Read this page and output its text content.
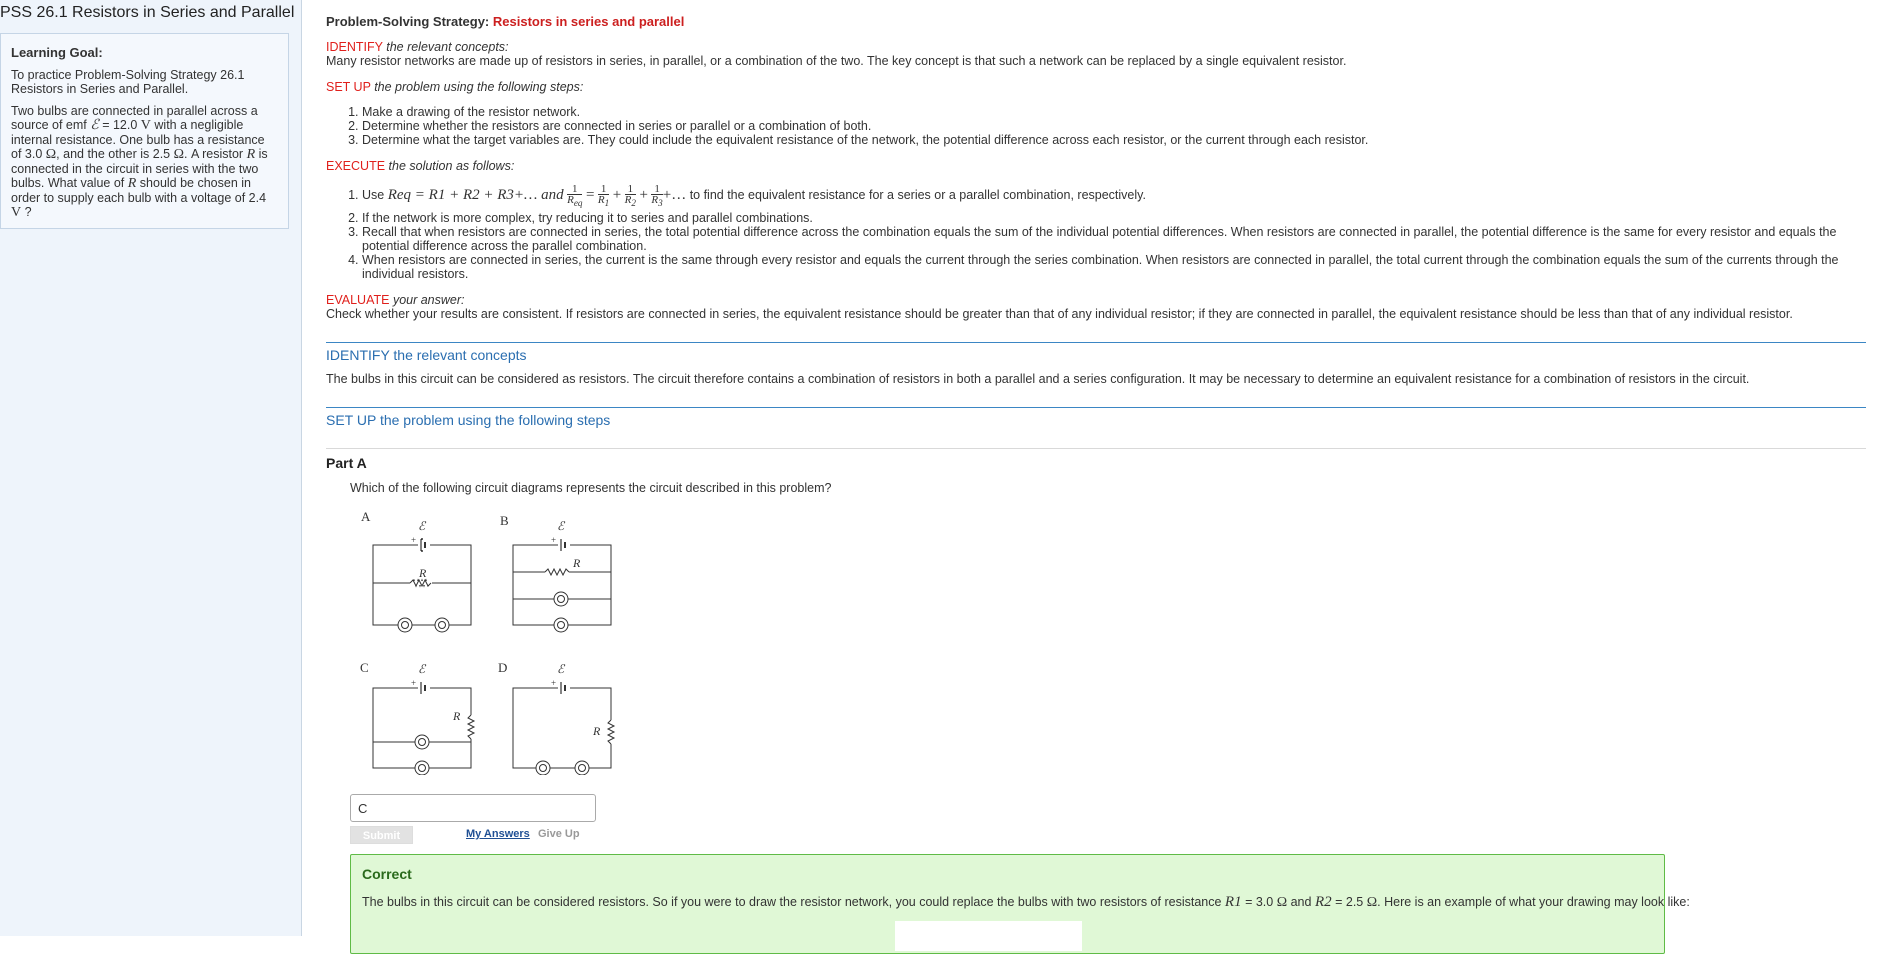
PSS 26.1 Resistors in Series and Parallel
Learning Goal:

To practice Problem-Solving Strategy 26.1 Resistors in Series and Parallel.

Two bulbs are connected in parallel across a source of emf ℰ = 12.0 V with a negligible internal resistance. One bulb has a resistance of 3.0 Ω, and the other is 2.5 Ω. A resistor R is connected in the circuit in series with the two bulbs. What value of R should be chosen in order to supply each bulb with a voltage of 2.4 V ?

Problem-Solving Strategy: Resistors in series and parallel
IDENTIFY the relevant concepts:
Many resistor networks are made up of resistors in series, in parallel, or a combination of the two. The key concept is that such a network can be replaced by a single equivalent resistor.
SET UP the problem using the following steps:
1. Make a drawing of the resistor network.
2. Determine whether the resistors are connected in series or parallel or a combination of both.
3. Determine what the target variables are. They could include the equivalent resistance of the network, the potential difference across each resistor, or the current through each resistor.
EXECUTE the solution as follows:
1. Use Req = R1 + R2 + R3+… and $\frac{1}{R_{eq}} = \frac{1}{R_1} + \frac{1}{R_2} + \frac{1}{R_3}$ +… to find the equivalent resistance for a series or a parallel combination, respectively.
2. If the network is more complex, try reducing it to series and parallel combinations.
3. Recall that when resistors are connected in series, the total potential difference across the combination equals the sum of the individual potential differences. When resistors are connected in parallel, the potential difference is the same for every resistor and equals the potential difference across the parallel combination.
4. When resistors are connected in series, the current is the same through every resistor and equals the current through the series combination. When resistors are connected in parallel, the total current through the combination equals the sum of the currents through the individual resistors.
EVALUATE your answer:
Check whether your results are consistent. If resistors are connected in series, the equivalent resistance should be greater than that of any individual resistor; if they are connected in parallel, the equivalent resistance should be less than that of any individual resistor.
IDENTIFY the relevant concepts
The bulbs in this circuit can be considered as resistors. The circuit therefore contains a combination of resistors in both a parallel and a series configuration. It may be necessary to determine an equivalent resistance for a combination of resistors in the circuit.
SET UP the problem using the following steps
Part A
Which of the following circuit diagrams represents the circuit described in this problem?
A	B
C	D
ℰ	ℰ
ℰ	ℰ
R
R
R
R
+	+
+	+
C
Submit	My Answers Give Up
Correct
The bulbs in this circuit can be considered resistors. So if you were to draw the resistor network, you could replace the bulbs with two resistors of resistance R1 = 3.0 Ω and R2 = 2.5 Ω. Here is an example of what your drawing may look like:
